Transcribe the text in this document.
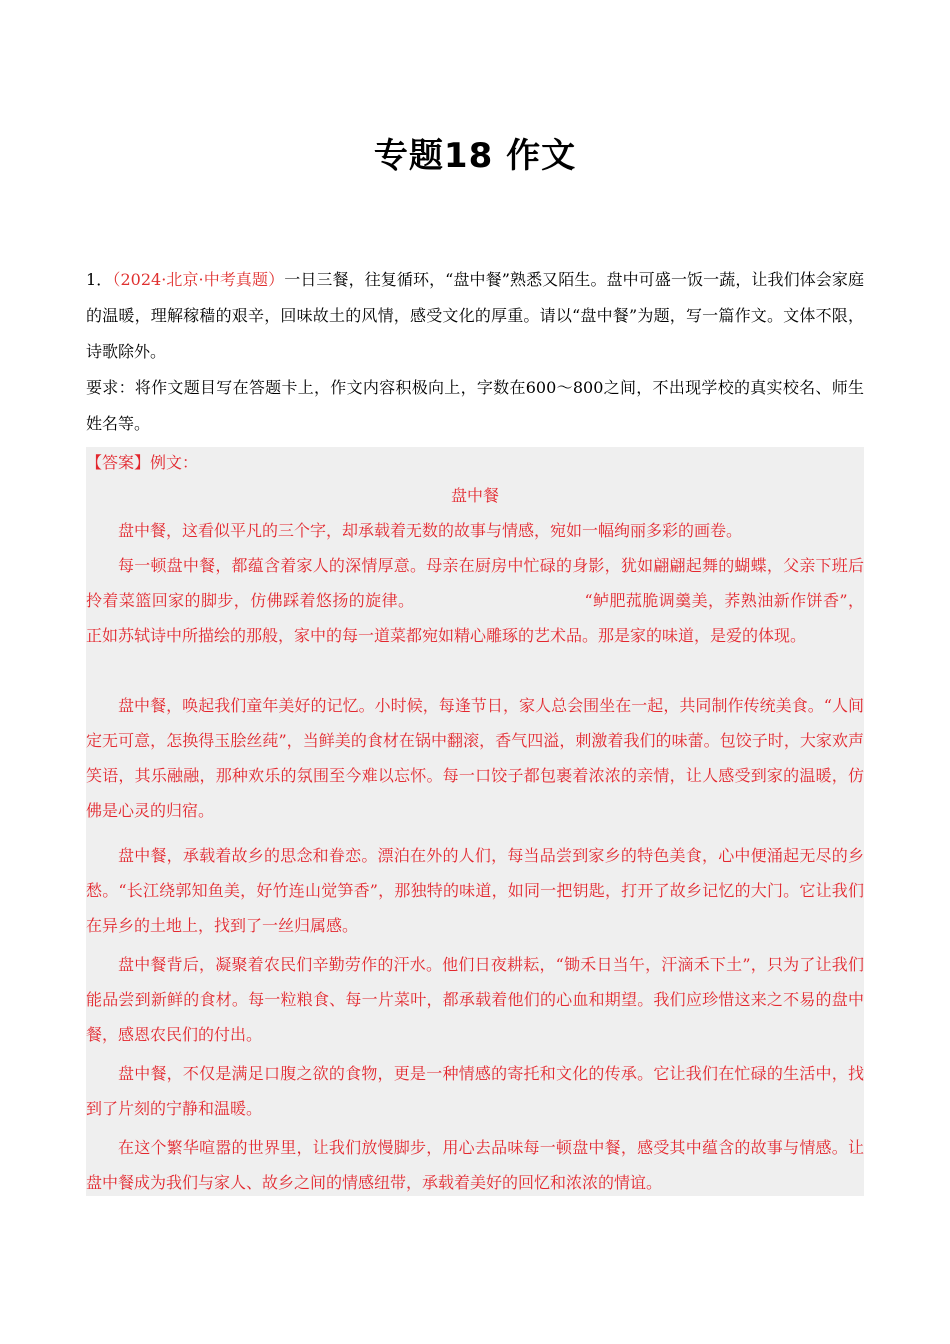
专题18 作文
1．（2024·北京·中考真题）一日三餐，往复循环，“盘中餐”熟悉又陌生。盘中可盛一饭一蔬，让我们体会家庭的温暖，理解稼穑的艰辛，回味故土的风情，感受文化的厚重。请以“盘中餐”为题，写一篇作文。文体不限，诗歌除外。
要求：将作文题目写在答题卡上，作文内容积极向上，字数在600～800之间，不出现学校的真实校名、师生姓名等。
【答案】例文：
盘中餐
盘中餐，这看似平凡的三个字，却承载着无数的故事与情感，宛如一幅绚丽多彩的画卷。
每一顿盘中餐，都蕴含着家人的深情厚意。母亲在厨房中忙碌的身影，犹如翩翩起舞的蝴蝶，父亲下班后拎着菜篮回家的脚步，仿佛踩着悠扬的旋律。	“鲈肥菰脆调羹美，荞熟油新作饼香”，正如苏轼诗中所描绘的那般，家中的每一道菜都宛如精心雕琢的艺术品。那是家的味道，是爱的体现。
盘中餐，唤起我们童年美好的记忆。小时候，每逢节日，家人总会围坐在一起，共同制作传统美食。“人间定无可意，怎换得玉脍丝莼”，当鲜美的食材在锅中翻滚，香气四溢，刺激着我们的味蕾。包饺子时，大家欢声笑语，其乐融融，那种欢乐的氛围至今难以忘怀。每一口饺子都包裹着浓浓的亲情，让人感受到家的温暖，仿佛是心灵的归宿。
盘中餐，承载着故乡的思念和眷恋。漂泊在外的人们，每当品尝到家乡的特色美食，心中便涌起无尽的乡愁。“长江绕郭知鱼美，好竹连山觉笋香”，那独特的味道，如同一把钥匙，打开了故乡记忆的大门。它让我们在异乡的土地上，找到了一丝归属感。
盘中餐背后，凝聚着农民们辛勤劳作的汗水。他们日夜耕耘，“锄禾日当午，汗滴禾下土”，只为了让我们能品尝到新鲜的食材。每一粒粮食、每一片菜叶，都承载着他们的心血和期望。我们应珍惜这来之不易的盘中餐，感恩农民们的付出。
盘中餐，不仅是满足口腹之欲的食物，更是一种情感的寄托和文化的传承。它让我们在忙碌的生活中，找到了片刻的宁静和温暖。
在这个繁华喧嚣的世界里，让我们放慢脚步，用心去品味每一顿盘中餐，感受其中蕴含的故事与情感。让盘中餐成为我们与家人、故乡之间的情感纽带，承载着美好的回忆和浓浓的情谊。
